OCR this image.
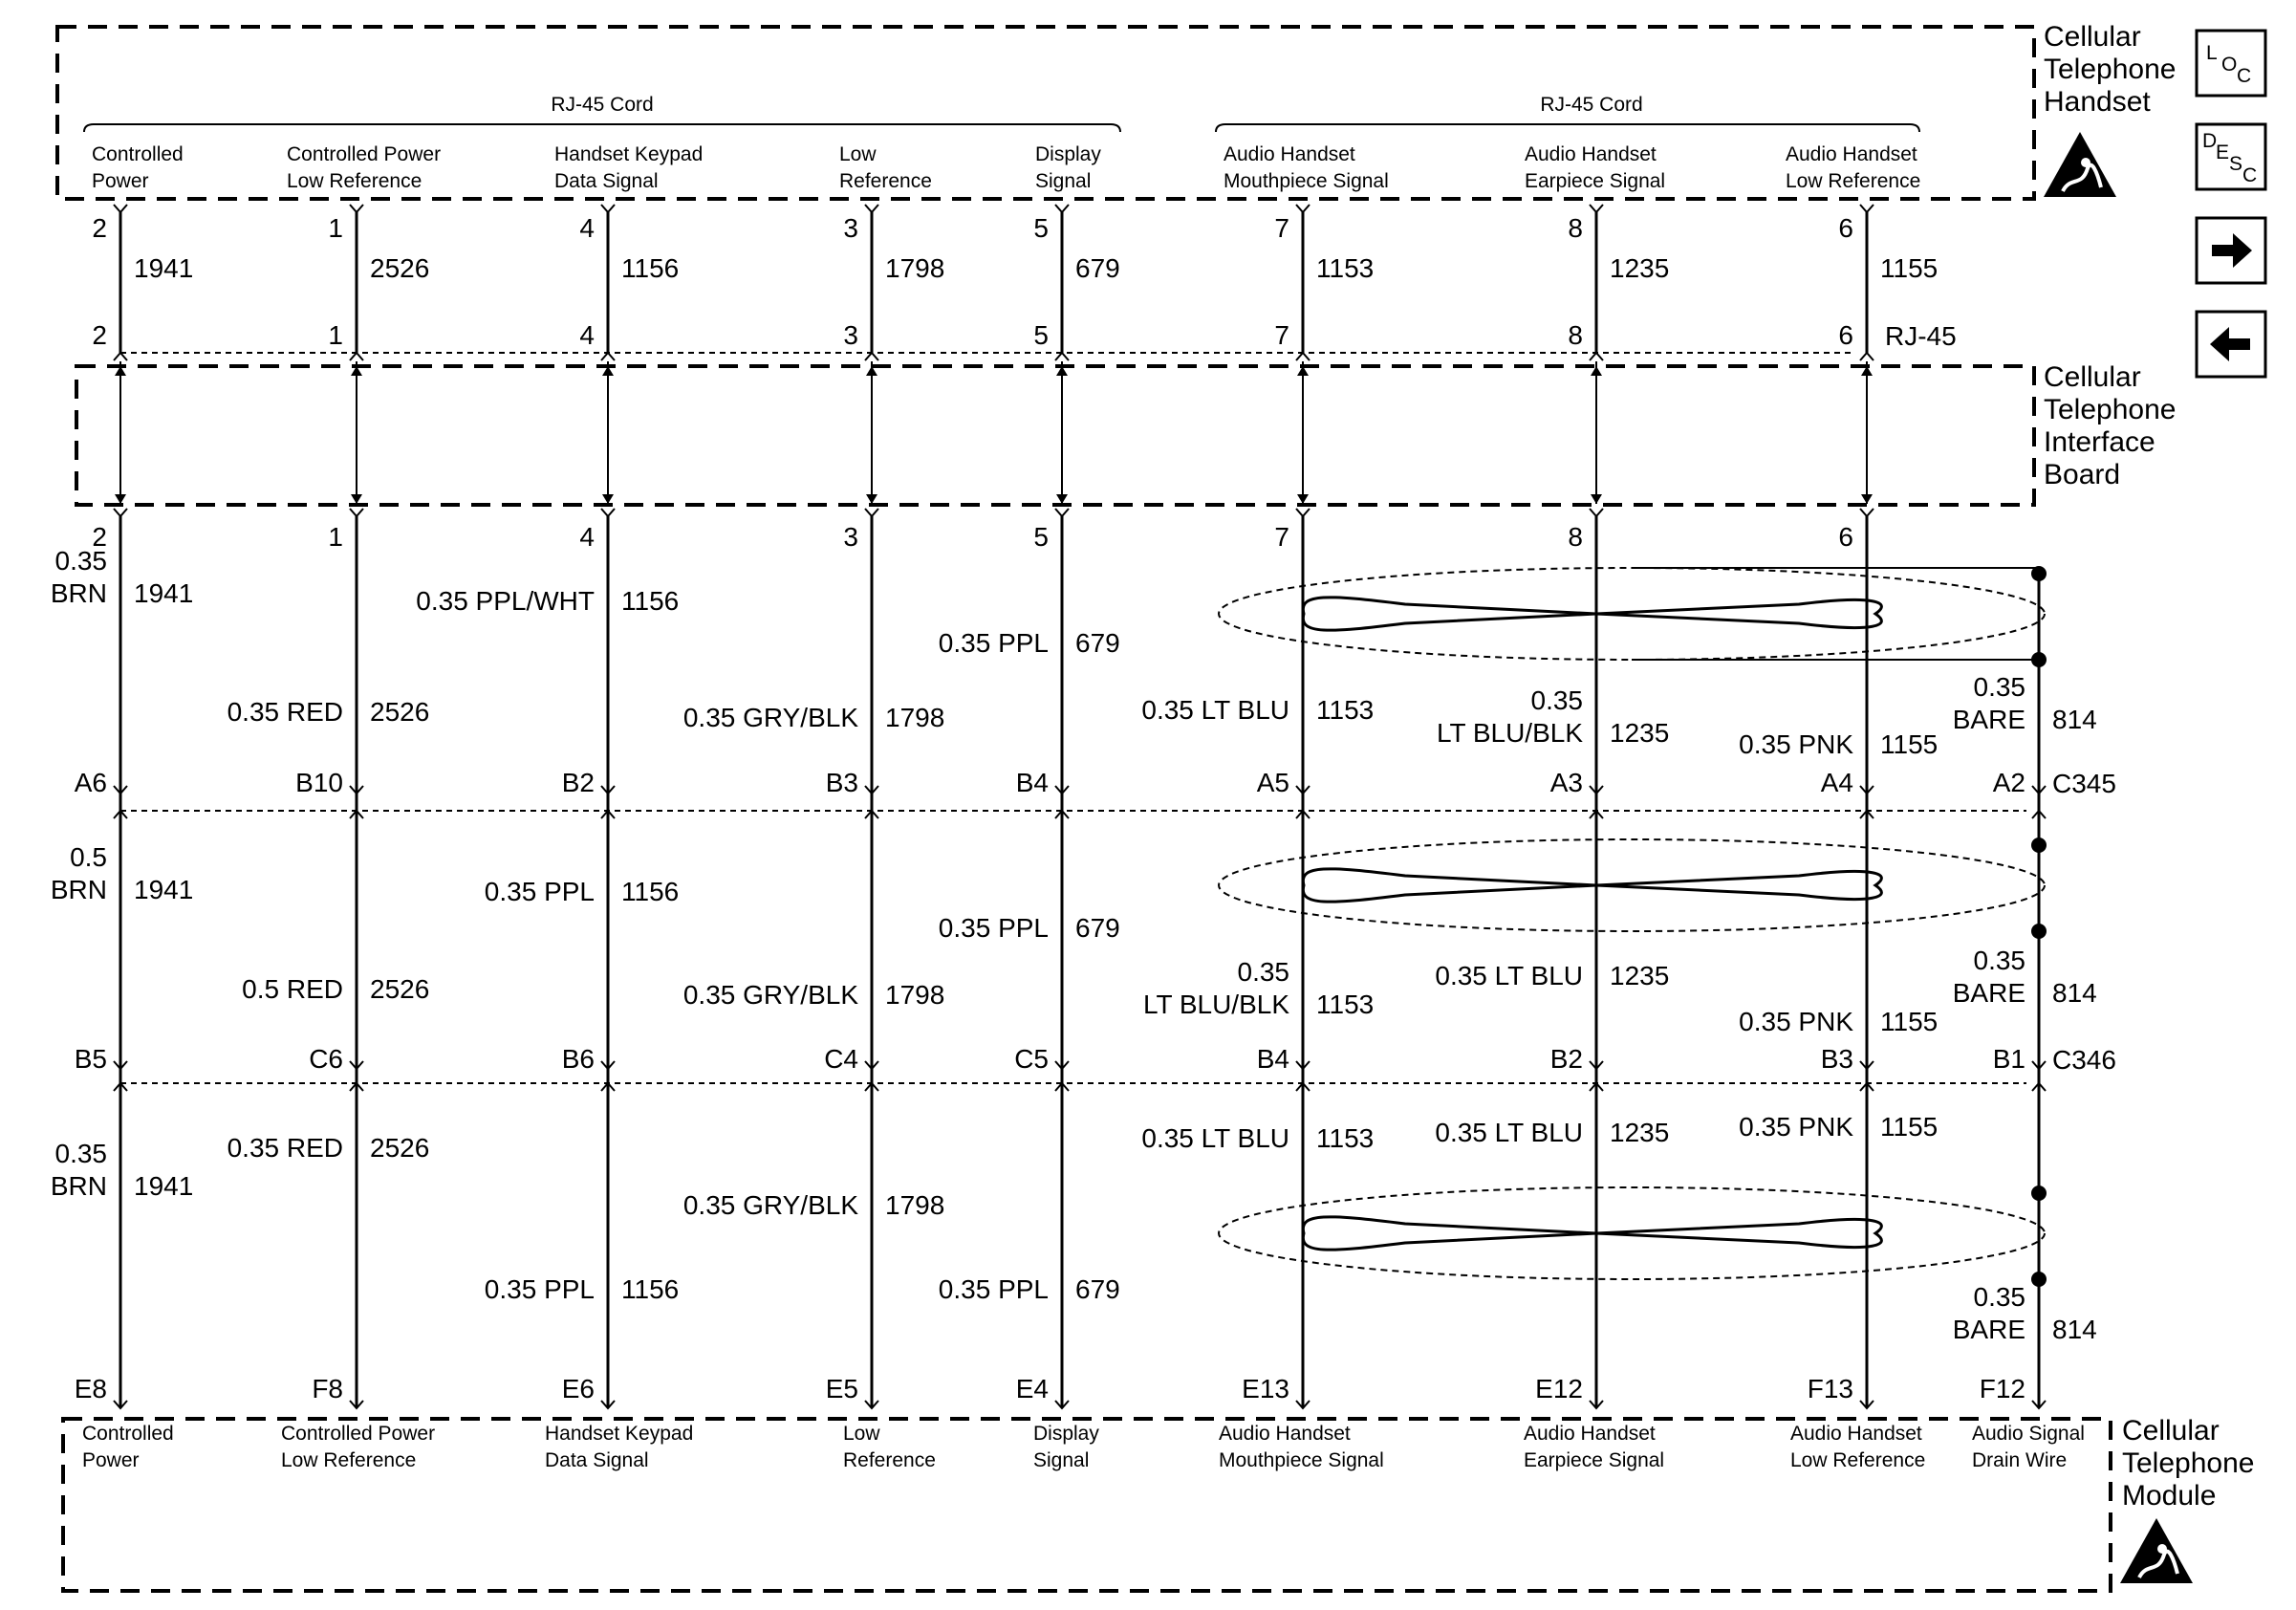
Cellular
Telephone
Handset
Cellular
Telephone
Interface
Board
Cellular
Telephone
Module
L
O
C
D
E
S
C
RJ-45 Cord	RJ-45 Cord
RJ-45
C345
C346
Controlled
Power
Controlled Power
Low Reference
Handset Keypad
Data Signal
Low
Reference
Display
Signal
Audio Handset
Mouthpiece Signal
Audio Handset
Earpiece Signal
Audio Handset
Low Reference
Controlled
Power
Controlled Power
Low Reference
Handset Keypad
Data Signal
Low
Reference
Display
Signal
Audio Handset
Mouthpiece Signal
Audio Handset
Earpiece Signal
Audio Handset
Low Reference
Audio Signal
Drain Wire
2
1941
2
2
1
2526
1
1
4
1156
4
4
3
1798
3
3
5
679
5
5
7
1153
7
7
8
1235
8
8
6
1155
6
6
A6
B5
E8
B10
C6
F8
B2
B6
E6
B3
C4
E5
B4
C5
E4
A5
B4
E13
A3
B2
E12
A4
B3
F13
A2
B1
F12
0.35
BRN 1941
0.35 RED 2526
0.35 PPL/WHT 1156
0.35 GRY/BLK 1798
0.35 PPL 679
0.35 LT BLU 1153	0.35
LT BLU/BLK 1235	0.35 PNK 1155
0.35
BARE 814
0.5
BRN 1941
0.5 RED 2526
0.35 PPL 1156
0.35 GRY/BLK 1798
0.35 PPL 679
0.35
LT BLU/BLK 1153
0.35 LT BLU 1235
0.35 PNK 1155
0.35
BARE 814
0.35
BRN 1941
0.35 RED 2526
0.35 PPL 1156
0.35 GRY/BLK 1798
0.35 PPL 679
0.35 LT BLU 1153 0.35 LT BLU 1235	0.35 PNK 1155
0.35
BARE 814
